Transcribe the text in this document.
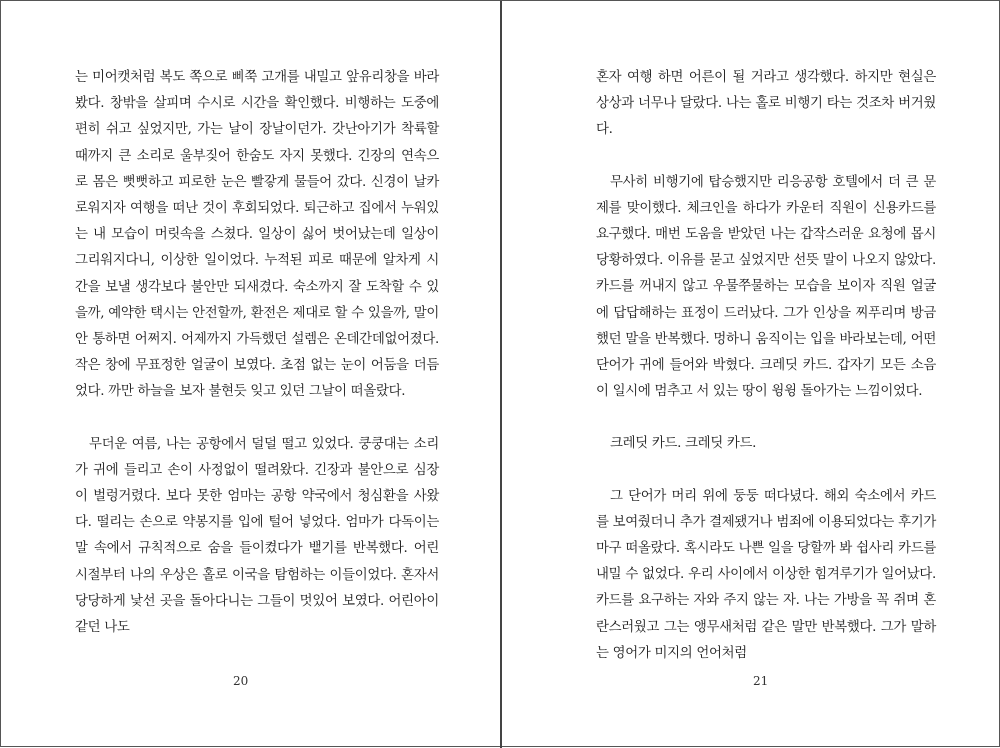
는 미어캣처럼 복도 쪽으로 삐쭉 고개를 내밀고 앞유리창을 바라봤다. 창밖을 살피며 수시로 시간을 확인했다. 비행하는 도중에 편히 쉬고 싶었지만, 가는 날이 장날이던가. 갓난아기가 착륙할 때까지 큰 소리로 울부짖어 한숨도 자지 못했다. 긴장의 연속으로 몸은 뻣뻣하고 피로한 눈은 빨갛게 물들어 갔다. 신경이 날카로워지자 여행을 떠난 것이 후회되었다. 퇴근하고 집에서 누워있는 내 모습이 머릿속을 스쳤다. 일상이 싫어 벗어났는데 일상이 그리워지다니, 이상한 일이었다. 누적된 피로 때문에 알차게 시간을 보낼 생각보다 불안만 되새겼다. 숙소까지 잘 도착할 수 있을까, 예약한 택시는 안전할까, 환전은 제대로 할 수 있을까, 말이 안 통하면 어쩌지. 어제까지 가득했던 설렘은 온데간데없어졌다. 작은 창에 무표정한 얼굴이 보였다. 초점 없는 눈이 어둠을 더듬었다. 까만 하늘을 보자 불현듯 잊고 있던 그날이 떠올랐다.

무더운 여름, 나는 공항에서 덜덜 떨고 있었다. 쿵쿵대는 소리가 귀에 들리고 손이 사정없이 떨려왔다. 긴장과 불안으로 심장이 벌렁거렸다. 보다 못한 엄마는 공항 약국에서 청심환을 사왔다. 떨리는 손으로 약봉지를 입에 털어 넣었다. 엄마가 다독이는 말 속에서 규칙적으로 숨을 들이켰다가 뱉기를 반복했다. 어린 시절부터 나의 우상은 홀로 이국을 탐험하는 이들이었다. 혼자서 당당하게 낯선 곳을 돌아다니는 그들이 멋있어 보였다. 어린아이 같던 나도

혼자 여행 하면 어른이 될 거라고 생각했다. 하지만 현실은 상상과 너무나 달랐다. 나는 홀로 비행기 타는 것조차 버거웠다.

무사히 비행기에 탑승했지만 리응공항 호텔에서 더 큰 문제를 맞이했다. 체크인을 하다가 카운터 직원이 신용카드를 요구했다. 매번 도움을 받았던 나는 갑작스러운 요청에 몹시 당황하였다. 이유를 묻고 싶었지만 선뜻 말이 나오지 않았다. 카드를 꺼내지 않고 우물쭈물하는 모습을 보이자 직원 얼굴에 답답해하는 표정이 드러났다. 그가 인상을 찌푸리며 방금 했던 말을 반복했다. 멍하니 움직이는 입을 바라보는데, 어떤 단어가 귀에 들어와 박혔다. 크레딧 카드. 갑자기 모든 소음이 일시에 멈추고 서 있는 땅이 윙윙 돌아가는 느낌이었다.

크레딧 카드. 크레딧 카드.

그 단어가 머리 위에 둥둥 떠다녔다. 해외 숙소에서 카드를 보여줬더니 추가 결제됐거나 범죄에 이용되었다는 후기가 마구 떠올랐다. 혹시라도 나쁜 일을 당할까 봐 쉽사리 카드를 내밀 수 없었다. 우리 사이에서 이상한 힘겨루기가 일어났다. 카드를 요구하는 자와 주지 않는 자. 나는 가방을 꼭 쥐며 혼란스러웠고 그는 앵무새처럼 같은 말만 반복했다. 그가 말하는 영어가 미지의 언어처럼

20	21
